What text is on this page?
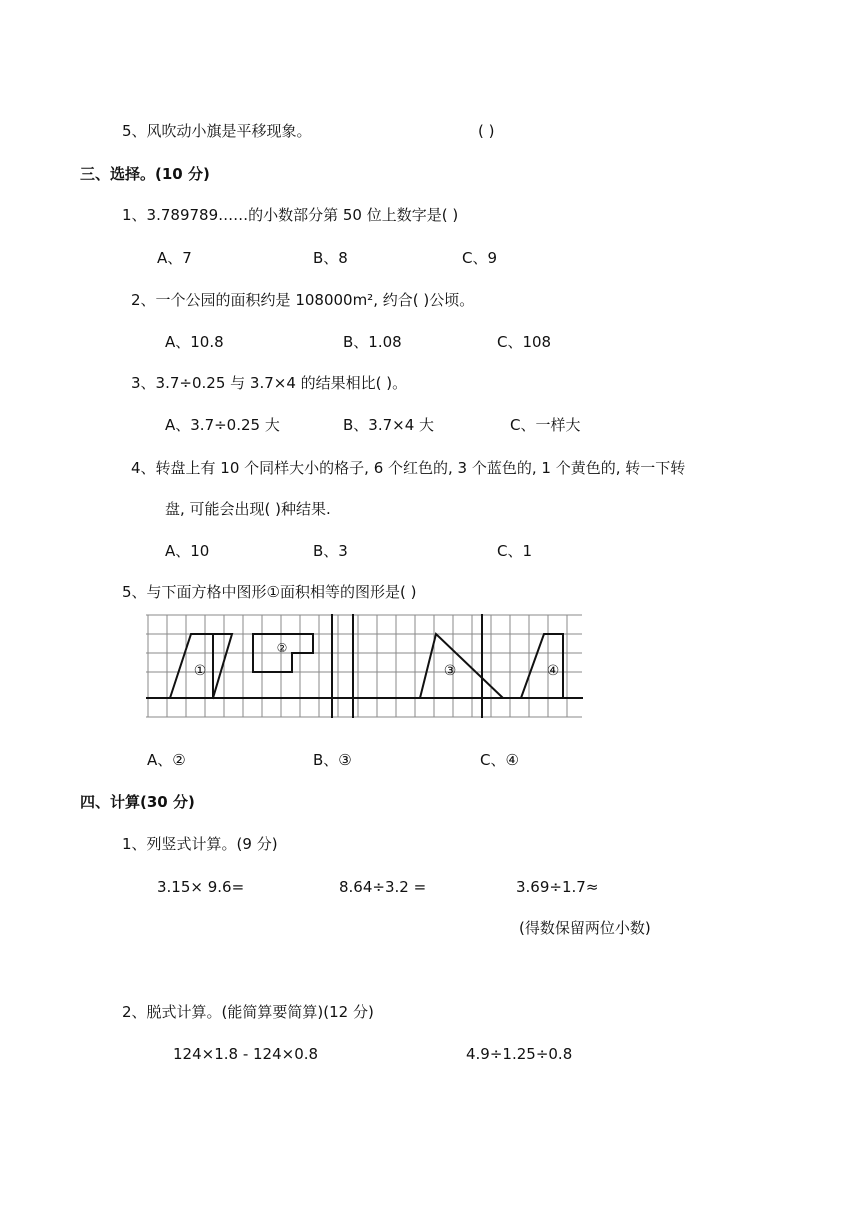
5、风吹动小旗是平移现象。	( )
三、选择。(10 分)
1、3.789789……的小数部分第 50 位上数字是( )
A、7	B、8	C、9
2、一个公园的面积约是 108000m², 约合( )公顷。
A、10.8	B、1.08	C、108
3、3.7÷0.25 与 3.7×4 的结果相比( )。
A、3.7÷0.25 大	B、3.7×4 大	C、一样大
4、转盘上有 10 个同样大小的格子, 6 个红色的, 3 个蓝色的, 1 个黄色的, 转一下转
盘, 可能会出现( )种结果.
A、10	B、3	C、1
5、与下面方格中图形①面积相等的图形是( )
①
②
③	④
A、②	B、③	C、④
四、计算(30 分)
1、列竖式计算。(9 分)
3.15× 9.6=	8.64÷3.2 =	3.69÷1.7≈
(得数保留两位小数)
2、脱式计算。(能简算要简算)(12 分)
124×1.8 - 124×0.8	4.9÷1.25÷0.8
